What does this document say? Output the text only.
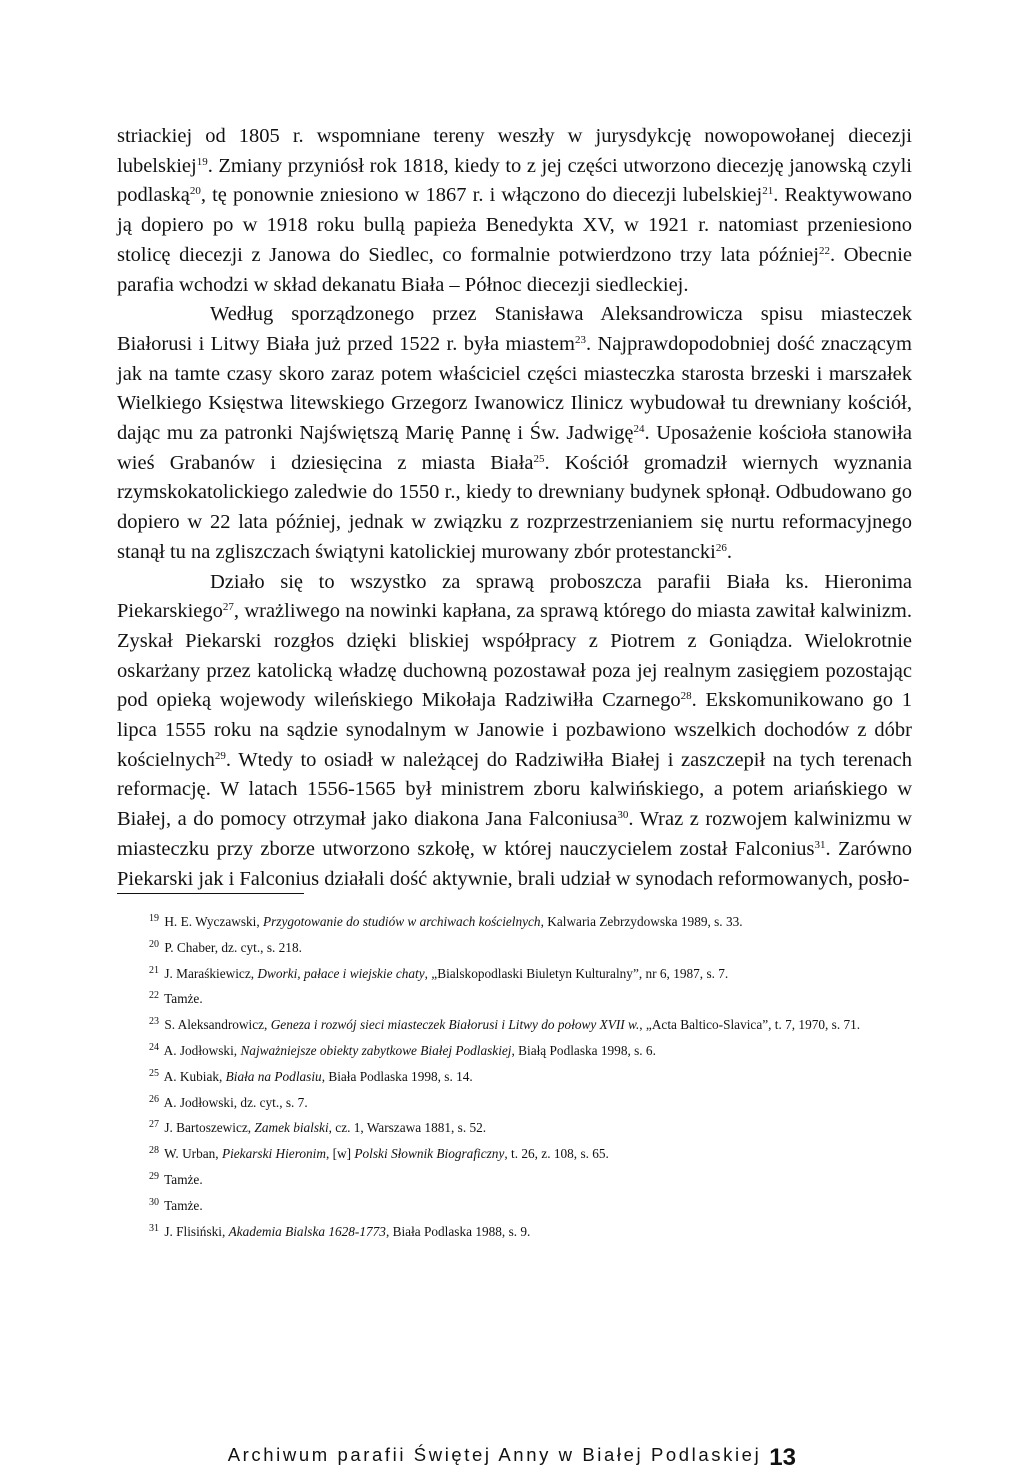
striackiej od 1805 r. wspomniane tereny weszły w jurysdykcję nowopowołanej diecezji lubelskiej$^{19}$. Zmiany przyniósł rok 1818, kiedy to z jej części utworzono diecezję janowską czyli podlaską$^{20}$, tę ponownie zniesiono w 1867 r. i włączono do diecezji lubelskiej$^{21}$. Reaktywowano ją dopiero po w 1918 roku bullą papieża Benedykta XV, w 1921 r. natomiast przeniesiono stolicę diecezji z Janowa do Siedlec, co formalnie potwierdzono trzy lata później$^{22}$. Obecnie parafia wchodzi w skład dekanatu Biała – Północ diecezji siedleckiej.

Według sporządzonego przez Stanisława Aleksandrowicza spisu miasteczek Białorusi i Litwy Biała już przed 1522 r. była miastem$^{23}$. Najprawdopodobniej dość znaczącym jak na tamte czasy skoro zaraz potem właściciel części miasteczka starosta brzeski i marszałek Wielkiego Księstwa litewskiego Grzegorz Iwanowicz Ilinicz wybudował tu drewniany kościół, dając mu za patronki Najświętszą Marię Pannę i Św. Jadwigę$^{24}$. Uposażenie kościoła stanowiła wieś Grabanów i dziesięcina z miasta Biała$^{25}$. Kościół gromadził wiernych wyznania rzymskokatolickiego zaledwie do 1550 r., kiedy to drewniany budynek spłonął. Odbudowano go dopiero w 22 lata później, jednak w związku z rozprzestrzenianiem się nurtu reformacyjnego stanął tu na zgliszczach świątyni katolickiej murowany zbór protestancki$^{26}$.

Działo się to wszystko za sprawą proboszcza parafii Biała ks. Hieronima Piekarskiego$^{27}$, wrażliwego na nowinki kapłana, za sprawą którego do miasta zawitał kalwinizm. Zyskał Piekarski rozgłos dzięki bliskiej współpracy z Piotrem z Goniądza. Wielokrotnie oskarżany przez katolicką władzę duchowną pozostawał poza jej realnym zasięgiem pozostając pod opieką wojewody wileńskiego Mikołaja Radziwiłła Czarnego$^{28}$. Ekskomunikowano go 1 lipca 1555 roku na sądzie synodalnym w Janowie i pozbawiono wszelkich dochodów z dóbr kościelnych$^{29}$. Wtedy to osiadł w należącej do Radziwiłła Białej i zaszczepił na tych terenach reformację. W latach 1556-1565 był ministrem zboru kalwińskiego, a potem ariańskiego w Białej, a do pomocy otrzymał jako diakona Jana Falconiusa$^{30}$. Wraz z rozwojem kalwinizmu w miasteczku przy zborze utworzono szkołę, w której nauczycielem został Falconius$^{31}$. Zarówno Piekarski jak i Falconius działali dość aktywnie, brali udział w synodach reformowanych, posło-

$^{19}$ H. E. Wyczawski, Przygotowanie do studiów w archiwach kościelnych, Kalwaria Zebrzydowska 1989, s. 33.

$^{20}$ P. Chaber, dz. cyt., s. 218.

$^{21}$ J. Maraśkiewicz, Dworki, pałace i wiejskie chaty, „Bialskopodlaski Biuletyn Kulturalny”, nr 6, 1987, s. 7.

$^{22}$ Tamże.

$^{23}$ S. Aleksandrowicz, Geneza i rozwój sieci miasteczek Białorusi i Litwy do połowy XVII w., „Acta Baltico-Slavica”, t. 7, 1970, s. 71.

$^{24}$ A. Jodłowski, Najważniejsze obiekty zabytkowe Białej Podlaskiej, Białą Podlaska 1998, s. 6.

$^{25}$ A. Kubiak, Biała na Podlasiu, Biała Podlaska 1998, s. 14.

$^{26}$ A. Jodłowski, dz. cyt., s. 7.

$^{27}$ J. Bartoszewicz, Zamek bialski, cz. 1, Warszawa 1881, s. 52.

$^{28}$ W. Urban, Piekarski Hieronim, [w] Polski Słownik Biograficzny, t. 26, z. 108, s. 65.

$^{29}$ Tamże.

$^{30}$ Tamże.

$^{31}$ J. Flisiński, Akademia Bialska 1628-1773, Biała Podlaska 1988, s. 9.

Archiwum parafii Świętej Anny w Białej Podlaskiej 13
